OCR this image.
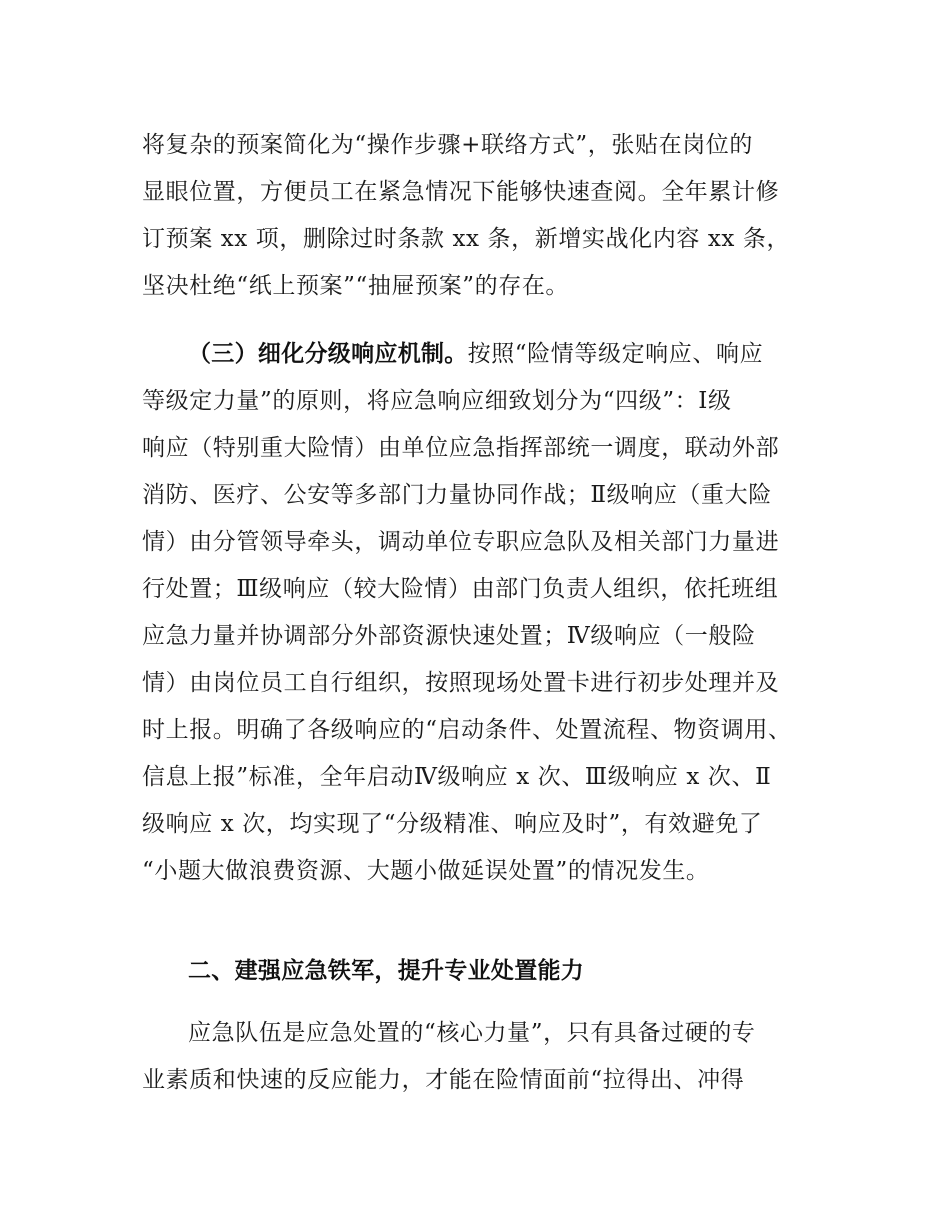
将复杂的预案简化为“操作步骤+联络方式”，张贴在岗位的
显眼位置，方便员工在紧急情况下能够快速查阅。全年累计修
订预案 xx 项，删除过时条款 xx 条，新增实战化内容 xx 条，
坚决杜绝“纸上预案”“抽屉预案”的存在。
（三）细化分级响应机制。按照“险情等级定响应、响应
等级定力量”的原则，将应急响应细致划分为“四级”：Ⅰ级
响应（特别重大险情）由单位应急指挥部统一调度，联动外部
消防、医疗、公安等多部门力量协同作战；Ⅱ级响应（重大险
情）由分管领导牵头，调动单位专职应急队及相关部门力量进
行处置；Ⅲ级响应（较大险情）由部门负责人组织，依托班组
应急力量并协调部分外部资源快速处置；Ⅳ级响应（一般险
情）由岗位员工自行组织，按照现场处置卡进行初步处理并及
时上报。明确了各级响应的“启动条件、处置流程、物资调用、
信息上报”标准，全年启动Ⅳ级响应 x 次、Ⅲ级响应 x 次、Ⅱ
级响应 x 次，均实现了“分级精准、响应及时”，有效避免了
“小题大做浪费资源、大题小做延误处置”的情况发生。
二、建强应急铁军，提升专业处置能力
应急队伍是应急处置的“核心力量”，只有具备过硬的专
业素质和快速的反应能力，才能在险情面前“拉得出、冲得
